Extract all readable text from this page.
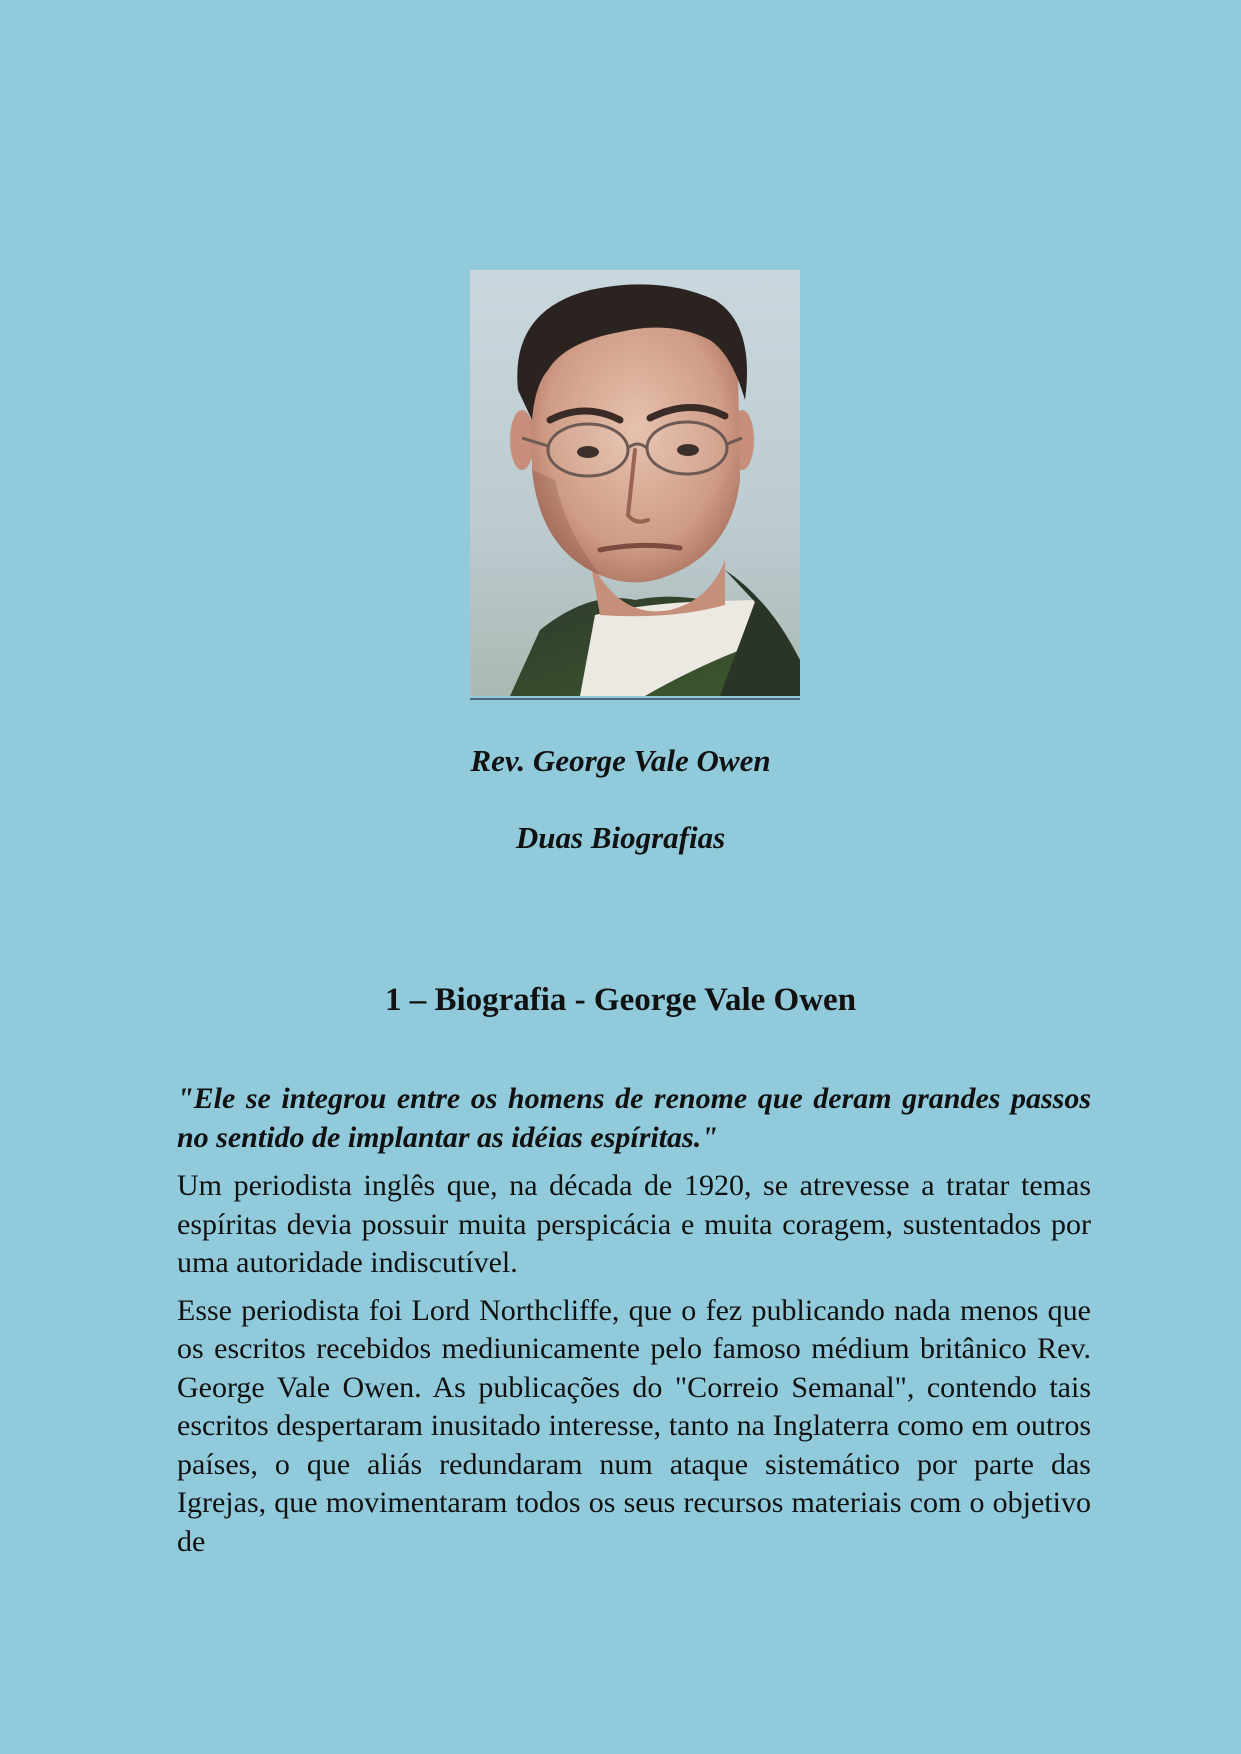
Rev. George Vale Owen
Duas Biografias
1 – Biografia - George Vale Owen

"Ele se integrou entre os homens de renome que deram grandes passos no sentido de implantar as idéias espíritas."

Um periodista inglês que, na década de 1920, se atrevesse a tratar temas espíritas devia possuir muita perspicácia e muita coragem, sustentados por uma autoridade indiscutível.

Esse periodista foi Lord Northcliffe, que o fez publicando nada menos que os escritos recebidos mediunicamente pelo famoso médium britânico Rev. George Vale Owen. As publicações do "Correio Semanal", contendo tais escritos despertaram inusitado interesse, tanto na Inglaterra como em outros países, o que aliás redundaram num ataque sistemático por parte das Igrejas, que movimentaram todos os seus recursos materiais com o objetivo de
